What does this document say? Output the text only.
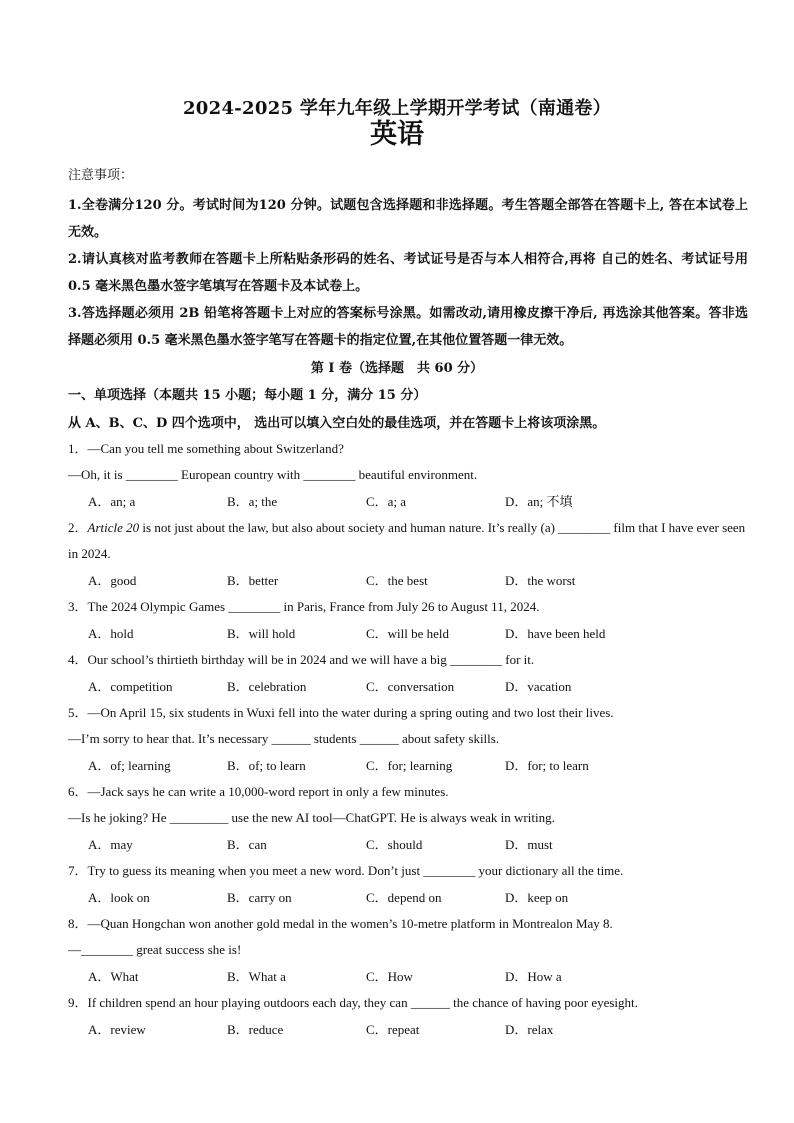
2024-2025 学年九年级上学期开学考试（南通卷）
英语
注意事项：
1.全卷满分120 分。考试时间为120 分钟。试题包含选择题和非选择题。考生答题全部答在答题卡上, 答在本试卷上无效。
2.请认真核对监考教师在答题卡上所粘贴条形码的姓名、考试证号是否与本人相符合,再将 自己的姓名、考试证号用 0.5 毫米黑色墨水签字笔填写在答题卡及本试卷上。
3.答选择题必须用 2B 铅笔将答题卡上对应的答案标号涂黑。如需改动,请用橡皮擦干净后, 再选涂其他答案。答非选择题必须用 0.5 毫米黑色墨水签字笔写在答题卡的指定位置,在其他位置答题一律无效。
第 I 卷（选择题　共 60 分）
一、单项选择（本题共 15 小题；每小题 1 分，满分 15 分）
从 A、B、C、D 四个选项中， 选出可以填入空白处的最佳选项，并在答题卡上将该项涂黑。
1．—Can you tell me something about Switzerland?
—Oh, it is ________ European country with ________ beautiful environment.
A．an; a	B．a; the	C．a; a	D．an; 不填
2．Article 20 is not just about the law, but also about society and human nature. It’s really (a) ________ film that I have ever seen in 2024.
A．good	B．better	C．the best	D．the worst
3．The 2024 Olympic Games ________ in Paris, France from July 26 to August 11, 2024.
A．hold	B．will hold	C．will be held	D．have been held
4．Our school’s thirtieth birthday will be in 2024 and we will have a big ________ for it.
A．competition	B．celebration	C．conversation	D．vacation
5．—On April 15, six students in Wuxi fell into the water during a spring outing and two lost their lives.
—I’m sorry to hear that. It’s necessary ______ students ______ about safety skills.
A．of; learning	B．of; to learn	C．for; learning	D．for; to learn
6．—Jack says he can write a 10,000-word report in only a few minutes.
—Is he joking? He _________ use the new AI tool—ChatGPT. He is always weak in writing.
A．may	B．can	C．should	D．must
7．Try to guess its meaning when you meet a new word. Don’t just ________ your dictionary all the time.
A．look on	B．carry on	C．depend on	D．keep on
8．—Quan Hongchan won another gold medal in the women’s 10-metre platform in Montrealon May 8.
—________ great success she is!
A．What	B．What a	C．How	D．How a
9．If children spend an hour playing outdoors each day, they can ______ the chance of having poor eyesight.
A．review	B．reduce	C．repeat	D．relax
